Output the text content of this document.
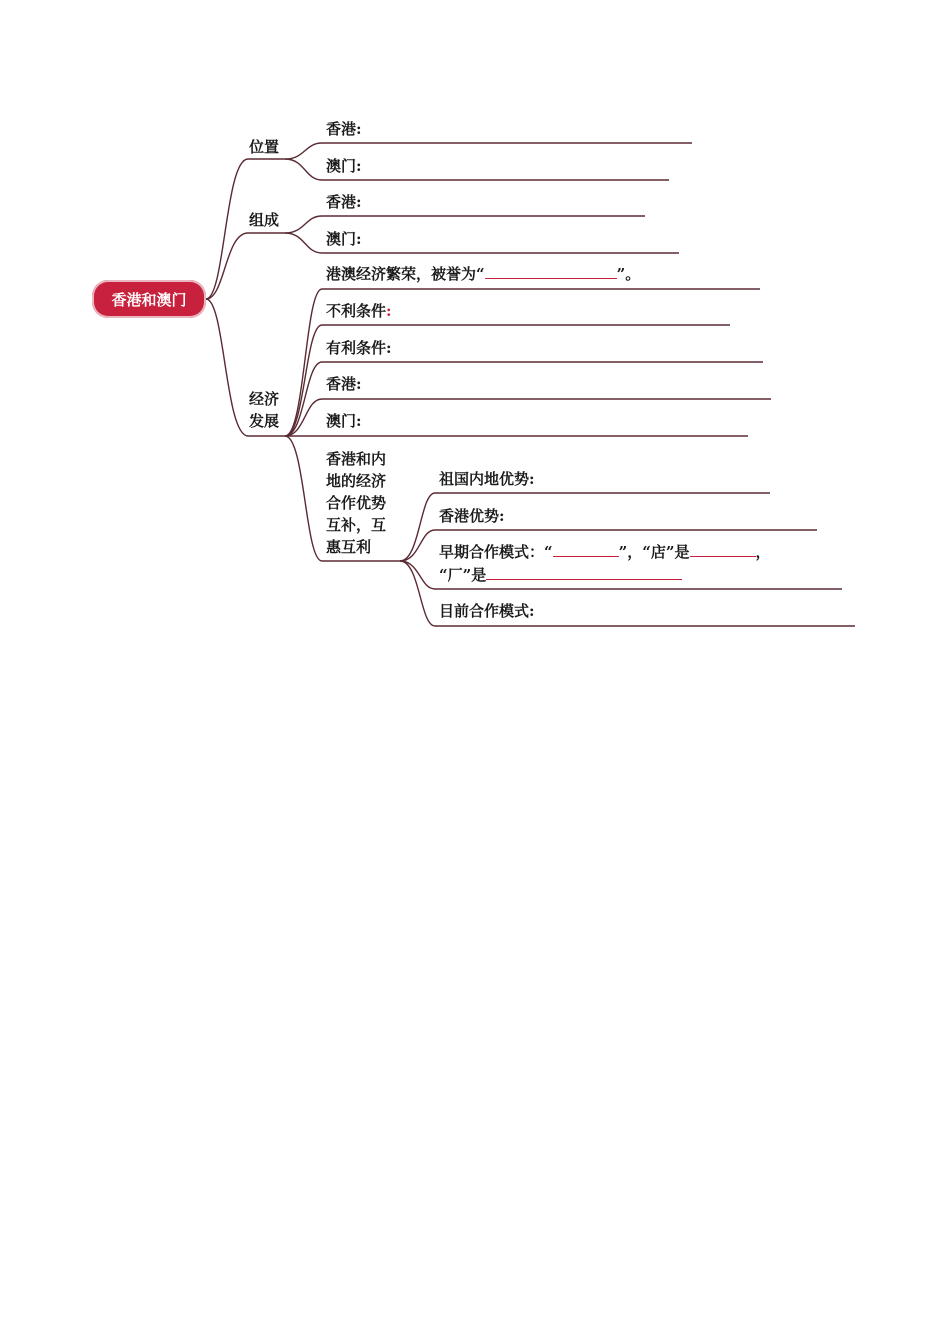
香港和澳门
位置
香港:
澳门:
组成
香港:
澳门:
经济
发展
港澳经济繁荣，被誉为“	”。
不利条件:
有利条件:
香港:
澳门:
香港和内
地的经济
合作优势
互补，互
惠互利
祖国内地优势:
香港优势:
早期合作模式：“	”，“店”是	，
“厂”是
目前合作模式:
